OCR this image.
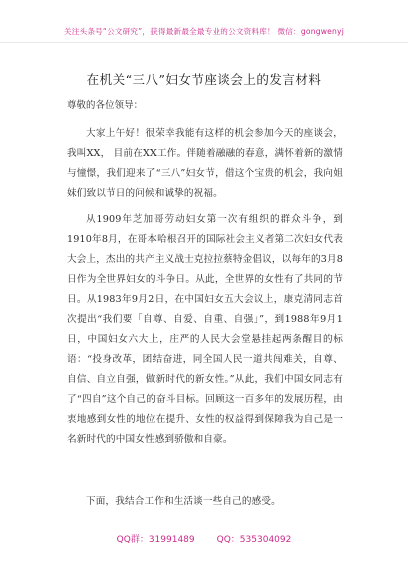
关注头条号“公文研究”，获得最新最全最专业的公文资料库！ 微信：gongwenyj
在机关“三八”妇女节座谈会上的发言材料
尊敬的各位领导：
大家上午好！很荣幸我能有这样的机会参加今天的座谈会，我叫XX， 目前在XX工作。伴随着融融的春意，满怀着新的激情与憧憬，我们迎来了“三八”妇女节，借这个宝贵的机会，我向姐妹们致以节日的问候和诚挚的祝福。
从1909年芝加哥劳动妇女第一次有组织的群众斗争，到1910年8月，在哥本哈根召开的国际社会主义者第二次妇女代表大会上，杰出的共产主义战士克拉拉蔡特金倡议，以每年的3月8日作为全世界妇女的斗争日。从此，全世界的女性有了共同的节日。从1983年9月2日，在中国妇女五大会议上，康克清同志首次提出“我们要「自尊、自爱、自重、自强」”，到1988年9月1日，中国妇女六大上，庄严的人民大会堂悬挂起两条醒目的标语：“投身改革，团结奋进，同全国人民一道共闯难关，自尊、自信、自立自强，做新时代的新女性。”从此，我们中国女同志有了“四自”这个自己的奋斗目标。回顾这一百多年的发展历程，由衷地感到女性的地位在提升、女性的权益得到保障我为自己是一名新时代的中国女性感到骄傲和自豪。
下面，我结合工作和生活谈一些自己的感受。
QQ群：31991489 QQ：535304092
